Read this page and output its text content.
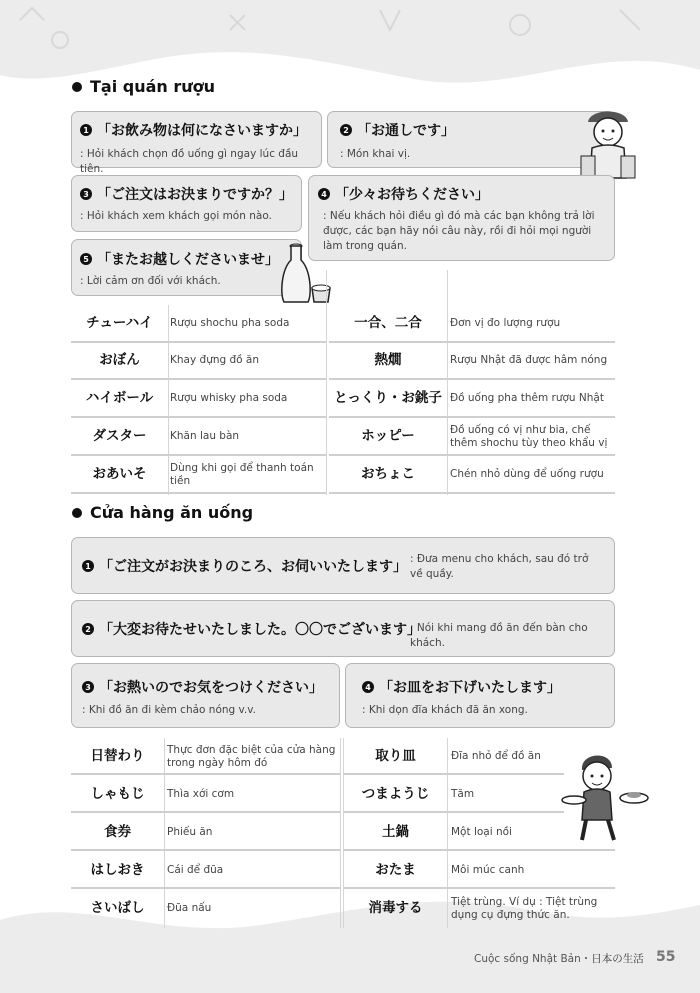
Tại quán rượu
1 「お飲み物は何になさいますか」
: Hỏi khách chọn đồ uống gì ngay lúc đầu tiên.
2 「お通しです」
: Món khai vị.
3 「ご注文はお決まりですか？」
: Hỏi khách xem khách gọi món nào.
4 「少々お待ちください」
: Nếu khách hỏi điều gì đó mà các bạn không trả lời được, các bạn hãy nói câu này, rồi đi hỏi mọi người làm trong quán.
5 「またお越しくださいませ」
: Lời cảm ơn đối với khách.
チューハイ	Rượu shochu pha soda
おぼん	Khay đựng đồ ăn
ハイボール	Rượu whisky pha soda
ダスター	Khăn lau bàn
おあいそ	Dùng khi gọi để thanh toán tiền
一合、二合	Đơn vị đo lượng rượu
熱燗	Rượu Nhật đã được hâm nóng
とっくり・お銚子 Đồ uống pha thêm rượu Nhật
ホッピー	Đồ uống có vị như bia, chế thêm shochu tùy theo khẩu vị
おちょこ	Chén nhỏ dùng để uống rượu
Cửa hàng ăn uống
1 「ご注文がお決まりのころ、お伺いいたします」 : Đưa menu cho khách, sau đó trở về quầy.
2 「大変お待たせいたしました。〇〇でございます」
: Nói khi mang đồ ăn đến bàn cho khách.
3 「お熱いのでお気をつけください」
: Khi đồ ăn đi kèm chảo nóng v.v.
4 「お皿をお下げいたします」
: Khi dọn đĩa khách đã ăn xong.
日替わり	Thực đơn đặc biệt của cửa hàng trong ngày hôm đó
しゃもじ	Thìa xới cơm
食券	Phiếu ăn
はしおき	Cái để đũa
さいばし	Đũa nấu
取り皿	Đĩa nhỏ để đồ ăn
つまようじ	Tăm
土鍋	Một loại nồi
おたま	Môi múc canh
消毒する	Tiệt trùng. Ví dụ : Tiệt trùng dụng cụ đựng thức ăn.
Cuộc sống Nhật Bản・日本の生活 55
